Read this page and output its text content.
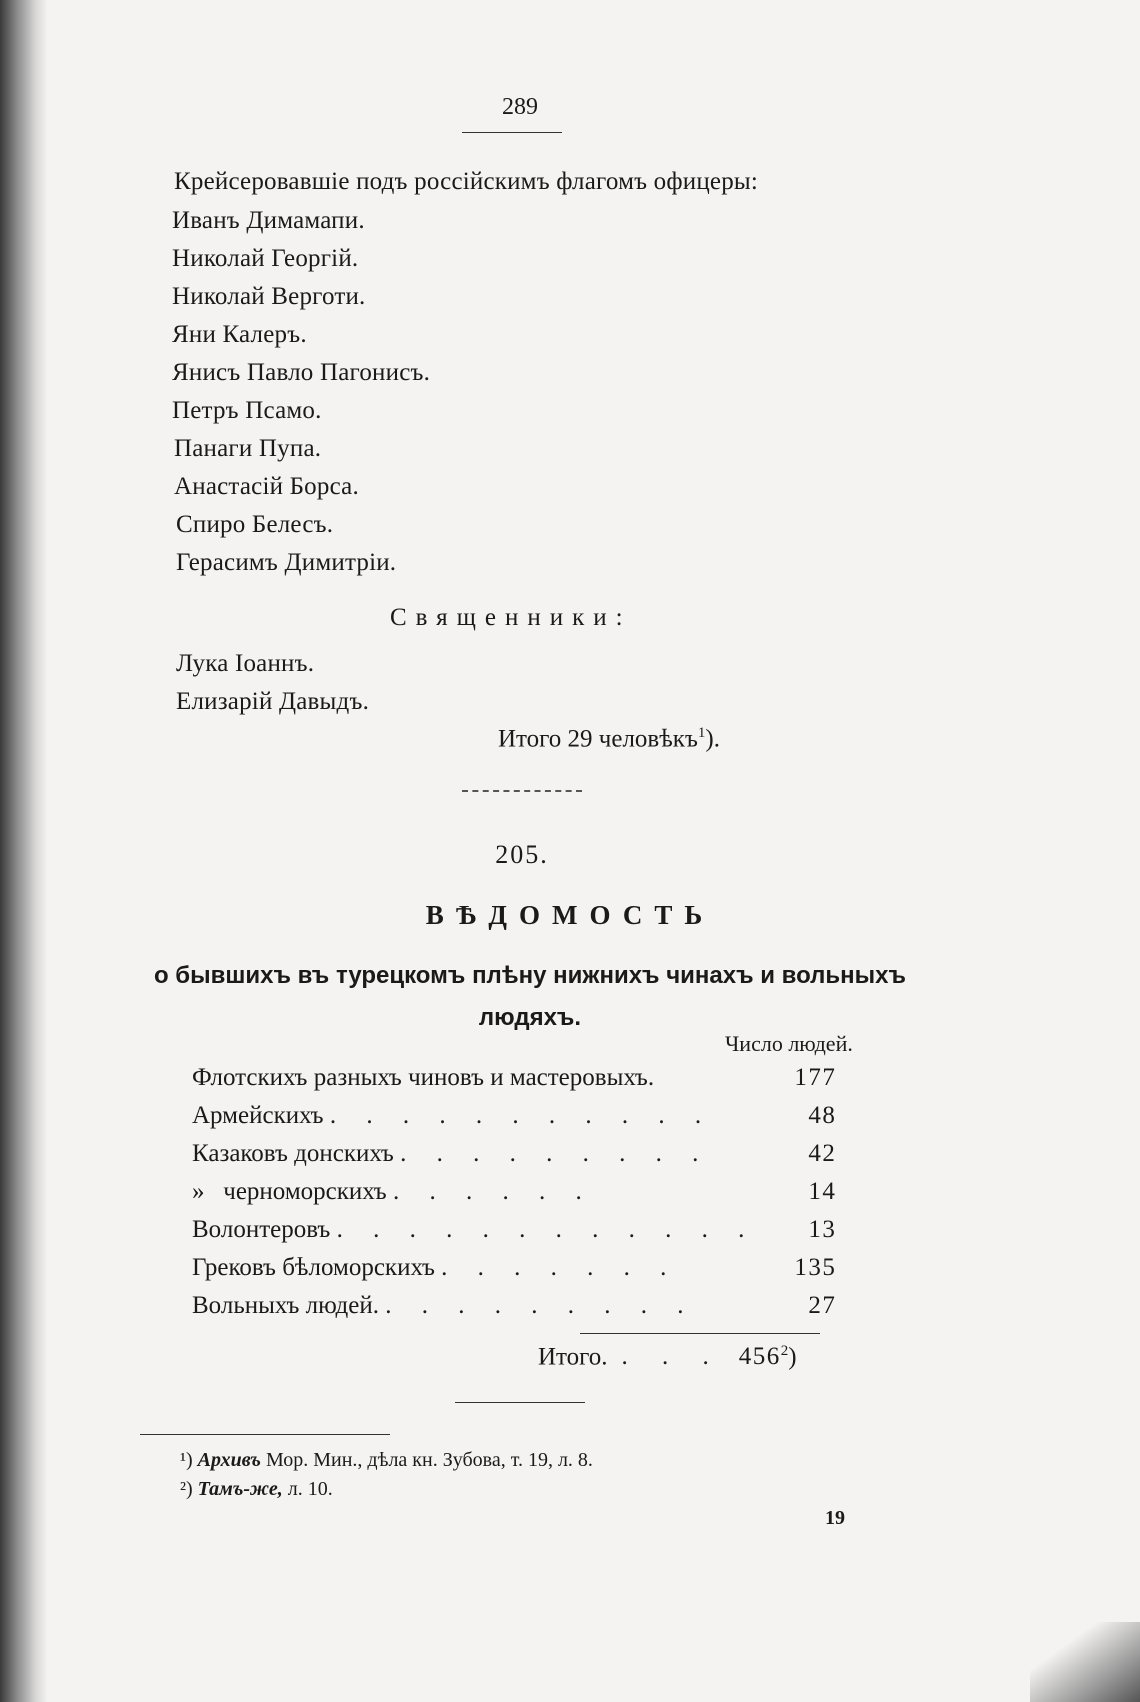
289
Крейсеровавшіе подъ россійскимъ флагомъ офицеры:
Иванъ Димамапи.
Николай Георгій.
Николай Верготи.
Яни Калеръ.
Янисъ Павло Пагонисъ.
Петръ Псамо.
Панаги Пупа.
Анастасій Борса.
Спиро Белесъ.
Герасимъ Димитріи.
Священники:
Лука Іоаннъ.
Елизарій Давыдъ.
Итого 29 человѣкъ$^1$).
205.
ВѢДОМОСТЬ
о бывшихъ въ турецкомъ плѣну нижнихъ чинахъ и вольныхъ людяхъ.
Число людей.
Флотскихъ разныхъ чиновъ и мастеровыхъ.	177
Армейскихъ . . . . . . . . . . .	48
Казаковъ донскихъ . . . . . . . . .	42
»   черноморскихъ . . . . . .	14
Волонтеровъ . . . . . . . . . . . .	13
Грековъ бѣломорскихъ . . . . . . .	135
Вольныхъ людей. . . . . . . . . .	27
Итого. . . . $456^2$)
¹) Архивъ Мор. Мин., дѣла кн. Зубова, т. 19, л. 8.
²) Тамъ-же, л. 10.
19
